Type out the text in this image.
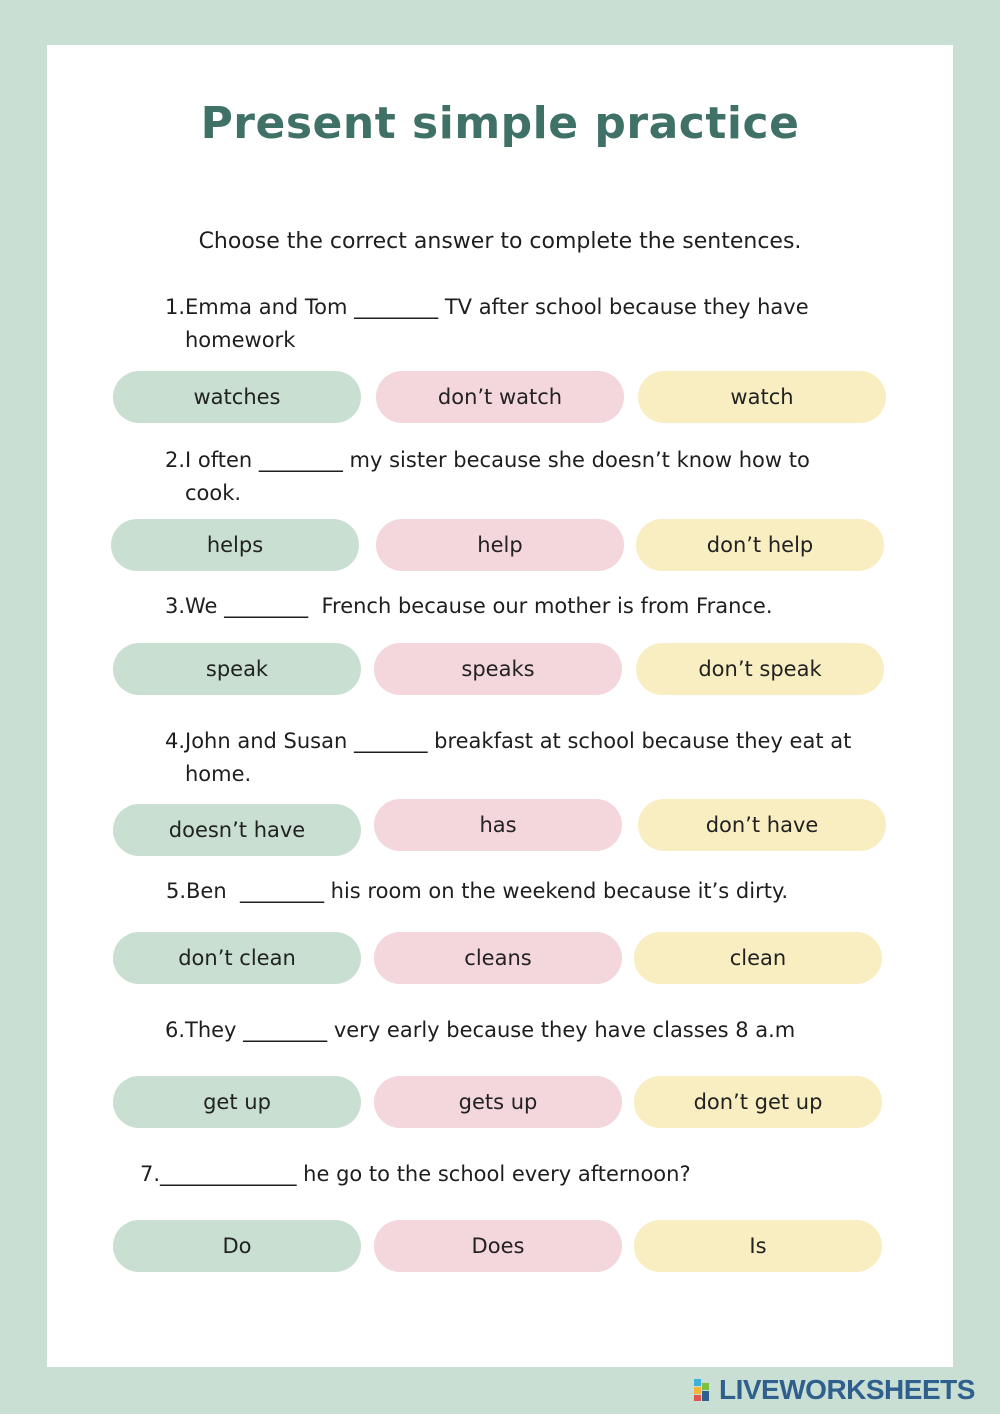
Present simple practice
Choose the correct answer to complete the sentences.
1. Emma and Tom ________ TV after school because they have homework
watches	don’t watch	watch
2. I often ________ my sister because she doesn’t know how to cook.
helps	help	don’t help
3. We ________  French because our mother is from France.
speak	speaks	don’t speak
4. John and Susan _______ breakfast at school because they eat at home.
doesn’t have	has	don’t have
5. Ben  ________ his room on the weekend because it’s dirty.
don’t clean	cleans	clean
6. They ________ very early because they have classes 8 a.m
get up	gets up	don’t get up
7. _____________ he go to the school every afternoon?
Do	Does	Is
LIVEWORKSHEETS
